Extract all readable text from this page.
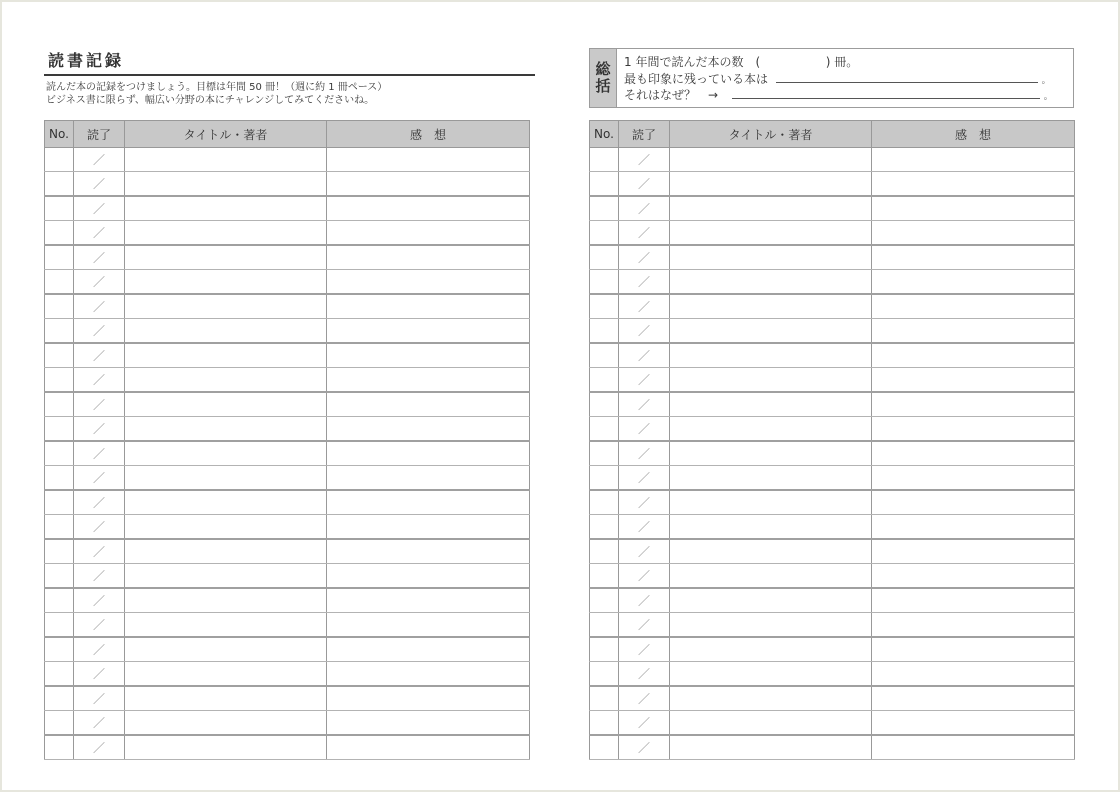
読書記録
読んだ本の記録をつけましょう。目標は年間 50 冊！（週に約 1 冊ペース）
ビジネス書に限らず、幅広い分野の本にチャレンジしてみてくださいね。
総
括
1 年間で読んだ本の数　(	) 冊。
最も印象に残っている本は	。
それはなぜ？　→	。
No.	読了	タイトル・著者	感　想
	／		
	／		
	／		
	／		
	／		
	／		
	／		
	／		
	／		
	／		
	／		
	／		
	／		
	／		
	／		
	／		
	／		
	／		
	／		
	／		
	／		
	／		
	／		
	／		
	／		
No.	読了	タイトル・著者	感　想
	／		
	／		
	／		
	／		
	／		
	／		
	／		
	／		
	／		
	／		
	／		
	／		
	／		
	／		
	／		
	／		
	／		
	／		
	／		
	／		
	／		
	／		
	／		
	／		
	／		
